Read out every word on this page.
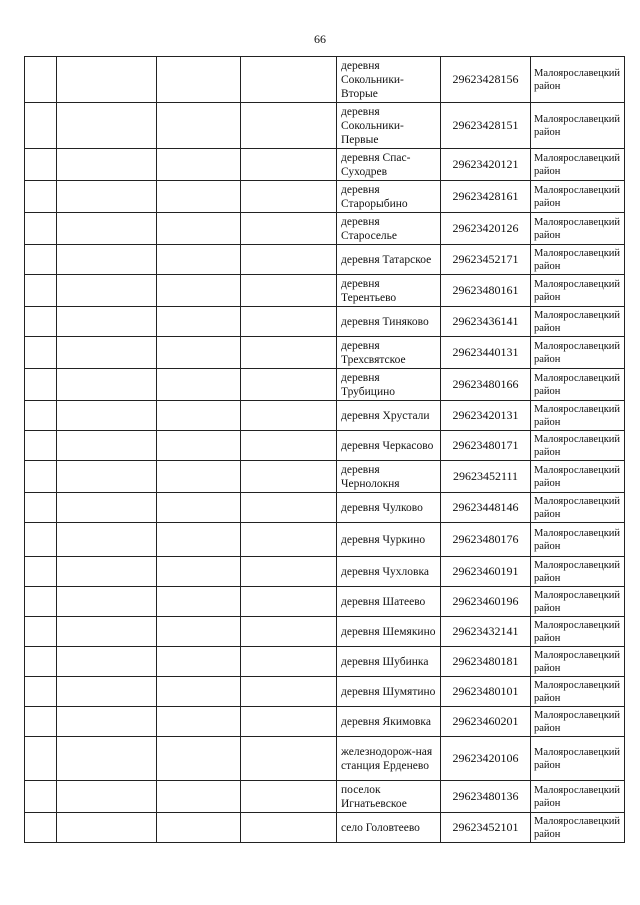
66
				деревня Сокольники-Вторые	29623428156	Малоярославецкий район
				деревня Сокольники-Первые	29623428151	Малоярославецкий район
				деревня Спас-Суходрев	29623420121	Малоярославецкий район
				деревня Старорыбино	29623428161	Малоярославецкий район
				деревня Староселье	29623420126	Малоярославецкий район
				деревня Татарское	29623452171	Малоярославецкий район
				деревня Терентьево	29623480161	Малоярославецкий район
				деревня Тиняково	29623436141	Малоярославецкий район
				деревня Трехсвятское	29623440131	Малоярославецкий район
				деревня Трубицино	29623480166	Малоярославецкий район
				деревня Хрустали	29623420131	Малоярославецкий район
				деревня Черкасово	29623480171	Малоярославецкий район
				деревня Чернолокня	29623452111	Малоярославецкий район
				деревня Чулково	29623448146	Малоярославецкий район
				деревня Чуркино	29623480176	Малоярославецкий район
				деревня Чухловка	29623460191	Малоярославецкий район
				деревня Шатеево	29623460196	Малоярославецкий район
				деревня Шемякино	29623432141	Малоярославецкий район
				деревня Шубинка	29623480181	Малоярославецкий район
				деревня Шумятино	29623480101	Малоярославецкий район
				деревня Якимовка	29623460201	Малоярославецкий район
				железнодорож-ная станция Ерденево	29623420106	Малоярославецкий район
				поселок Игнатьевское	29623480136	Малоярославецкий район
				село Головтеево	29623452101	Малоярославецкий район
